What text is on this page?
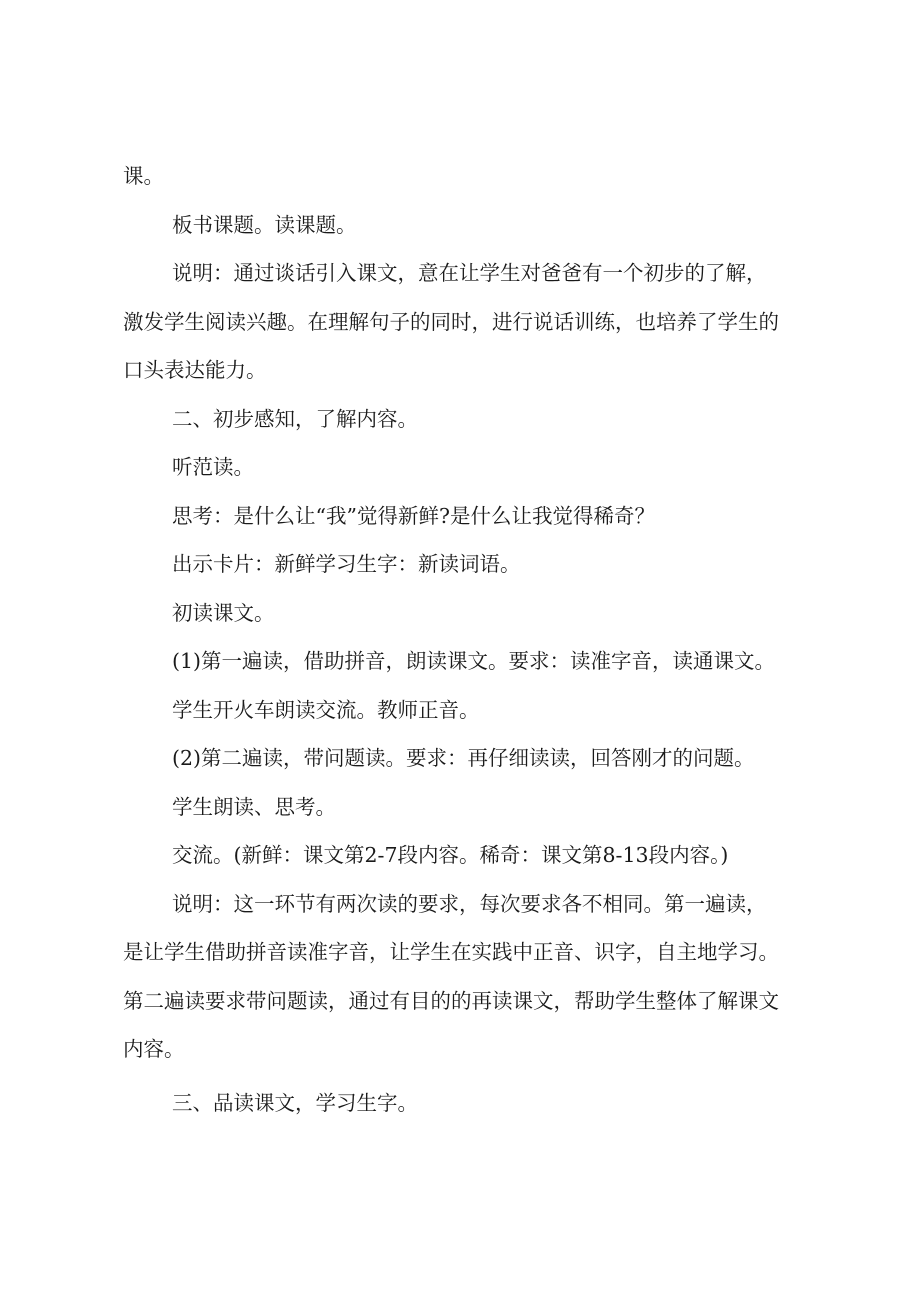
课。

板书课题。读课题。

说明：通过谈话引入课文，意在让学生对爸爸有一个初步的了解，

激发学生阅读兴趣。在理解句子的同时，进行说话训练，也培养了学生的

口头表达能力。

二、初步感知，了解内容。

听范读。

思考：是什么让“我”觉得新鲜?是什么让我觉得稀奇？

出示卡片：新鲜学习生字：新读词语。

初读课文。

(1)第一遍读，借助拼音，朗读课文。要求：读准字音，读通课文。

学生开火车朗读交流。教师正音。

(2)第二遍读，带问题读。要求：再仔细读读，回答刚才的问题。

学生朗读、思考。

交流。(新鲜：课文第2-7段内容。稀奇：课文第8-13段内容。)

说明：这一环节有两次读的要求，每次要求各不相同。第一遍读，

是让学生借助拼音读准字音，让学生在实践中正音、识字，自主地学习。

第二遍读要求带问题读，通过有目的的再读课文，帮助学生整体了解课文

内容。

三、品读课文，学习生字。
